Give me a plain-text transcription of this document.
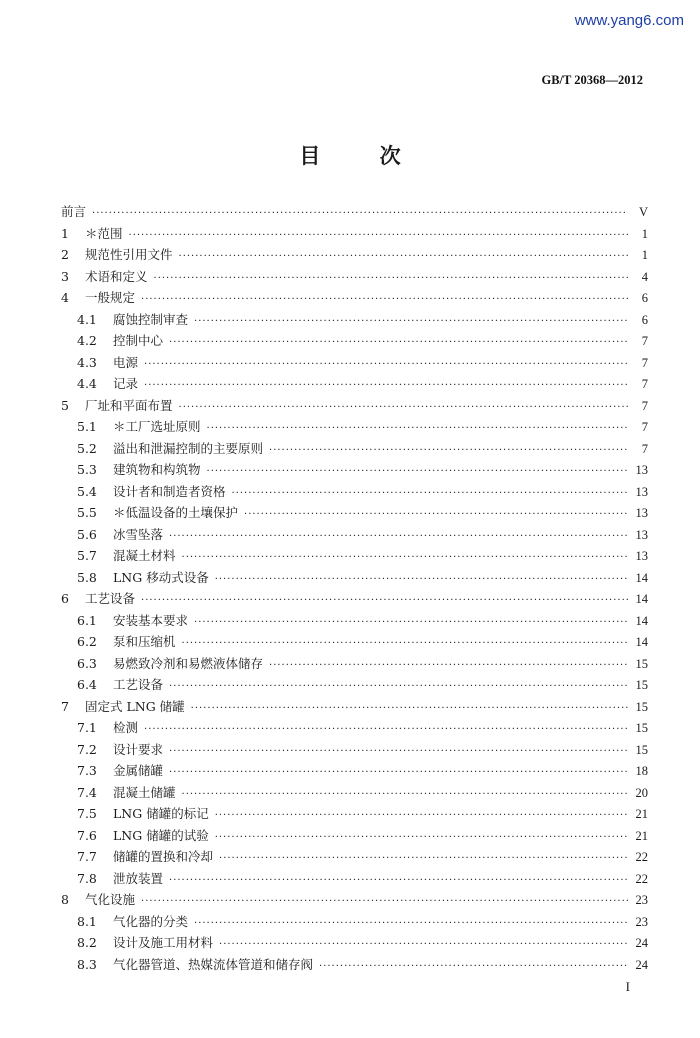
www.yang6.com
GB/T 20368—2012
目 次
前言 ·····	V
1	＊范围 ·····	1
2	规范性引用文件 ·····	1
3	术语和定义 ·····	4
4	一般规定 ·····	6
4.1	腐蚀控制审查 ·····	6
4.2	控制中心 ·····	7
4.3	电源 ·····	7
4.4	记录 ·····	7
5	厂址和平面布置 ·····	7
5.1	＊工厂选址原则 ·····	7
5.2	溢出和泄漏控制的主要原则 ·····	7
5.3	建筑物和构筑物 ·····	13
5.4	设计者和制造者资格 ·····	13
5.5	＊低温设备的土壤保护 ·····	13
5.6	冰雪坠落 ·····	13
5.7	混凝土材料 ·····	13
5.8	LNG 移动式设备 ·····	14
6	工艺设备 ·····	14
6.1	安装基本要求 ·····	14
6.2	泵和压缩机 ·····	14
6.3	易燃致冷剂和易燃液体储存 ·····	15
6.4	工艺设备 ·····	15
7	固定式 LNG 储罐 ·····	15
7.1	检测 ·····	15
7.2	设计要求 ·····	15
7.3	金属储罐 ·····	18
7.4	混凝土储罐 ·····	20
7.5	LNG 储罐的标记 ·····	21
7.6	LNG 储罐的试验 ·····	21
7.7	储罐的置换和冷却 ·····	22
7.8	泄放装置 ·····	22
8	气化设施 ·····	23
8.1	气化器的分类 ·····	23
8.2	设计及施工用材料 ·····	24
8.3	气化器管道、热媒流体管道和储存阀 ·····	24
I
